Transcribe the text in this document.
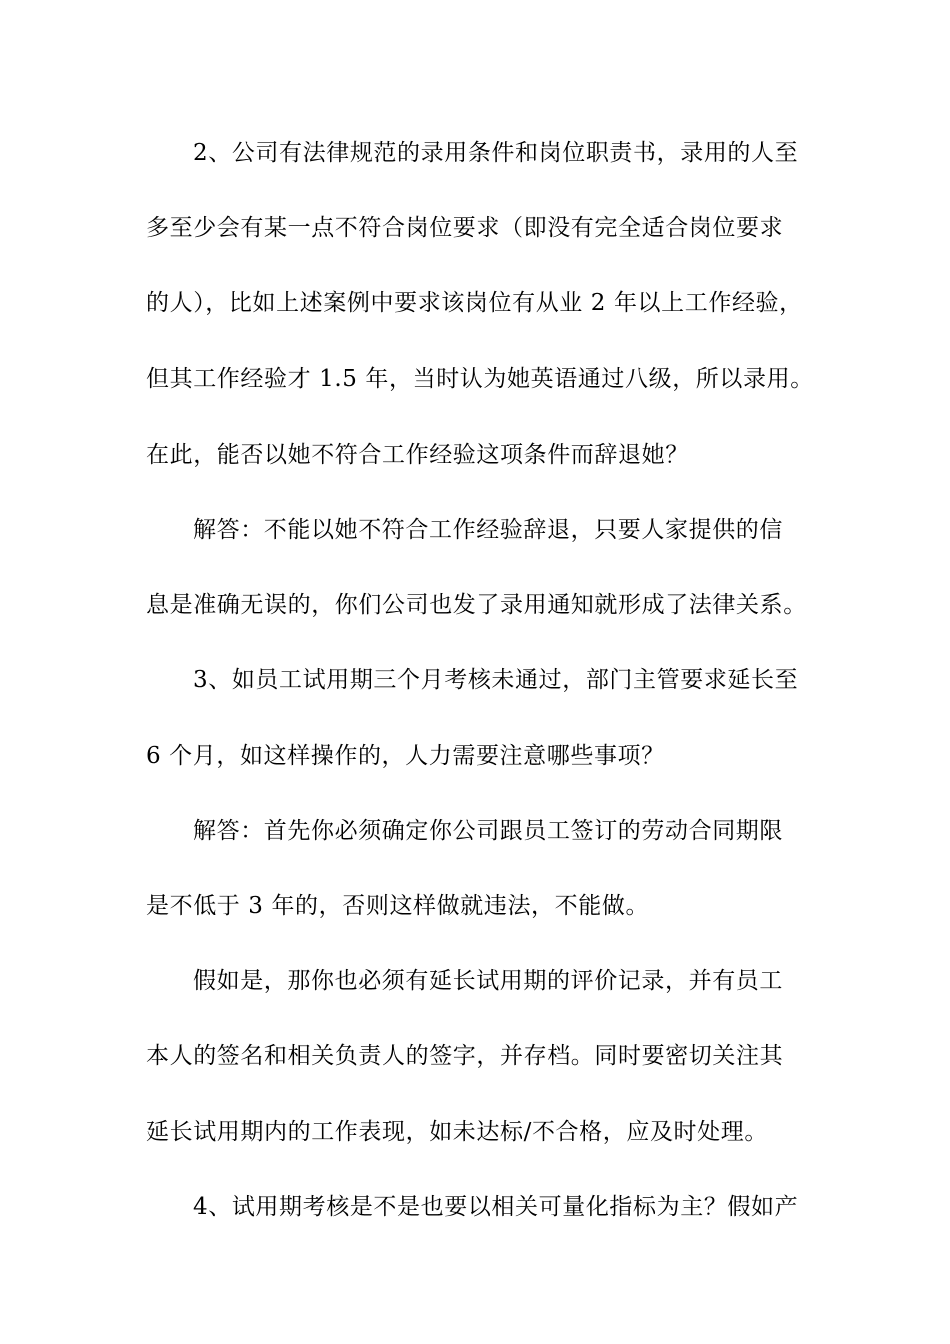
2、公司有法律规范的录用条件和岗位职责书，录用的人至
多至少会有某一点不符合岗位要求（即没有完全适合岗位要求
的人），比如上述案例中要求该岗位有从业 2 年以上工作经验，
但其工作经验才 1.5 年，当时认为她英语通过八级，所以录用。
在此，能否以她不符合工作经验这项条件而辞退她？
解答：不能以她不符合工作经验辞退，只要人家提供的信
息是准确无误的，你们公司也发了录用通知就形成了法律关系。
3、如员工试用期三个月考核未通过，部门主管要求延长至
6 个月，如这样操作的，人力需要注意哪些事项？
解答：首先你必须确定你公司跟员工签订的劳动合同期限
是不低于 3 年的，否则这样做就违法，不能做。
假如是，那你也必须有延长试用期的评价记录，并有员工
本人的签名和相关负责人的签字，并存档。同时要密切关注其
延长试用期内的工作表现，如未达标/不合格，应及时处理。
4、试用期考核是不是也要以相关可量化指标为主？假如产
